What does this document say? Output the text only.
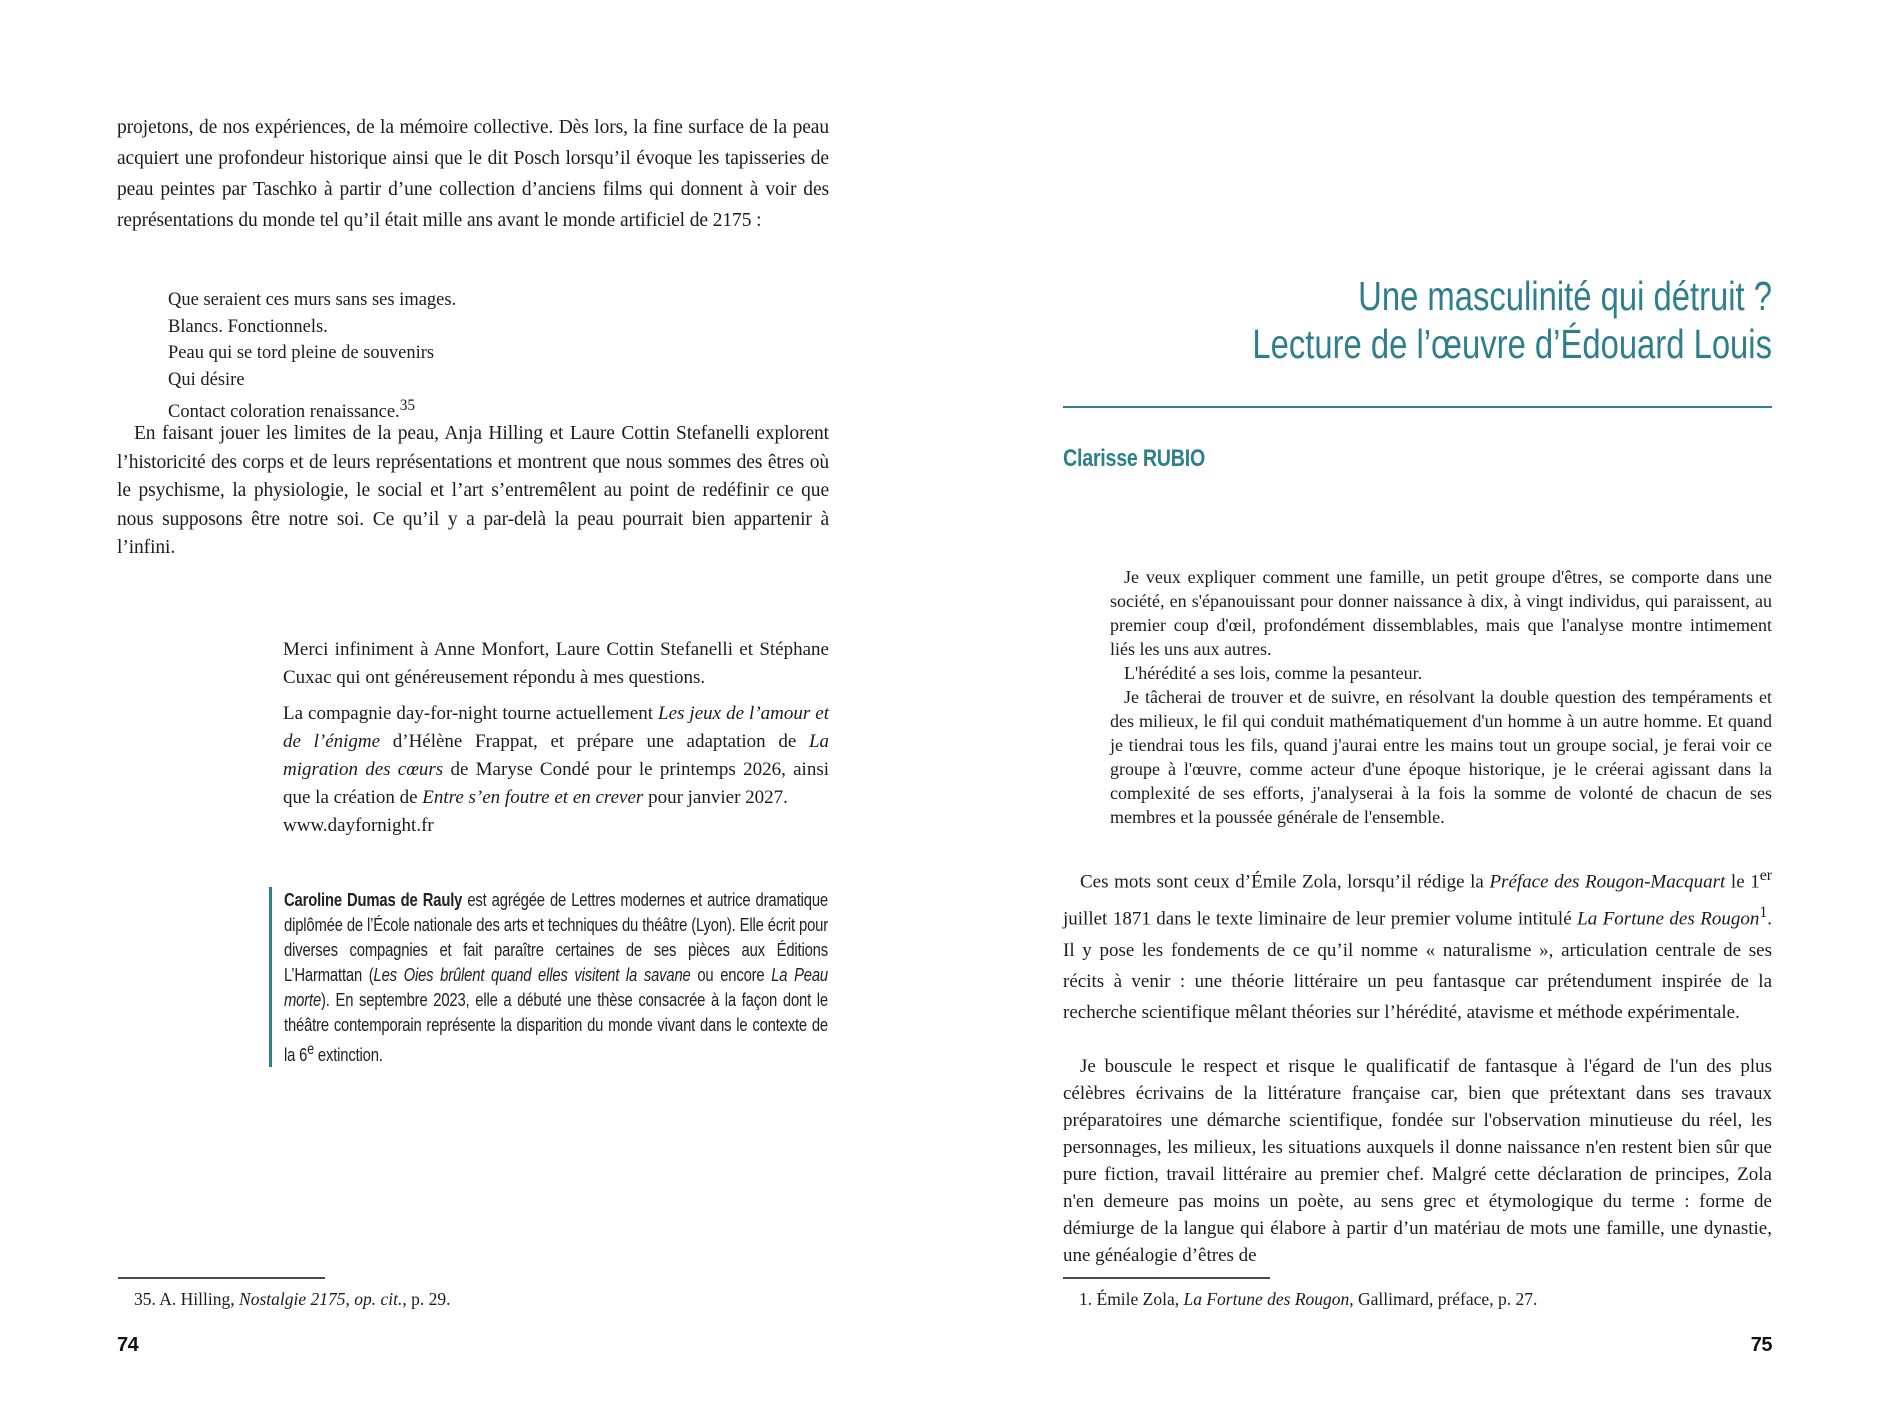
projetons, de nos expériences, de la mémoire collective. Dès lors, la fine surface de la peau acquiert une profondeur historique ainsi que le dit Posch lorsqu’il évoque les tapisseries de peau peintes par Taschko à partir d’une collection d’anciens films qui donnent à voir des représentations du monde tel qu’il était mille ans avant le monde artificiel de 2175 :
Que seraient ces murs sans ses images.
Blancs. Fonctionnels.
Peau qui se tord pleine de souvenirs
Qui désire
Contact coloration renaissance.$^{35}$
En faisant jouer les limites de la peau, Anja Hilling et Laure Cottin Stefanelli explorent l’historicité des corps et de leurs représentations et montrent que nous sommes des êtres où le psychisme, la physiologie, le social et l’art s’entremêlent au point de redéfinir ce que nous supposons être notre soi. Ce qu’il y a par-delà la peau pourrait bien appartenir à l’infini.
Merci infiniment à Anne Monfort, Laure Cottin Stefanelli et Stéphane Cuxac qui ont généreusement répondu à mes questions.
La compagnie day-for-night tourne actuellement Les jeux de l’amour et de l’énigme d’Hélène Frappat, et prépare une adaptation de La migration des cœurs de Maryse Condé pour le printemps 2026, ainsi que la création de Entre s’en foutre et en crever pour janvier 2027.
www.dayfornight.fr
Caroline Dumas de Rauly est agrégée de Lettres modernes et autrice dramatique diplômée de l’École nationale des arts et techniques du théâtre (Lyon). Elle écrit pour diverses compagnies et fait paraître certaines de ses pièces aux Éditions L’Harmattan (Les Oies brûlent quand elles visitent la savane ou encore La Peau morte). En septembre 2023, elle a débuté une thèse consacrée à la façon dont le théâtre contemporain représente la disparition du monde vivant dans le contexte de la 6e extinction.
35. A. Hilling, Nostalgie 2175, op. cit., p. 29.
74
Une masculinité qui détruit ?
Lecture de l’œuvre d’Édouard Louis
Clarisse RUBIO

Je veux expliquer comment une famille, un petit groupe d'êtres, se comporte dans une société, en s'épanouissant pour donner naissance à dix, à vingt individus, qui paraissent, au premier coup d'œil, profondément dissemblables, mais que l'analyse montre intimement liés les uns aux autres.

L'hérédité a ses lois, comme la pesanteur.

Je tâcherai de trouver et de suivre, en résolvant la double question des tempéraments et des milieux, le fil qui conduit mathématiquement d'un homme à un autre homme. Et quand je tiendrai tous les fils, quand j'aurai entre les mains tout un groupe social, je ferai voir ce groupe à l'œuvre, comme acteur d'une époque historique, je le créerai agissant dans la complexité de ses efforts, j'analyserai à la fois la somme de volonté de chacun de ses membres et la poussée générale de l'ensemble.

Ces mots sont ceux d’Émile Zola, lorsqu’il rédige la Préface des Rougon-Macquart le 1er juillet 1871 dans le texte liminaire de leur premier volume intitulé La Fortune des Rougon$^1$. Il y pose les fondements de ce qu’il nomme « naturalisme », articulation centrale de ses récits à venir : une théorie littéraire un peu fantasque car prétendument inspirée de la recherche scientifique mêlant théories sur l’hérédité, atavisme et méthode expérimentale.
Je bouscule le respect et risque le qualificatif de fantasque à l'égard de l'un des plus célèbres écrivains de la littérature française car, bien que prétextant dans ses travaux préparatoires une démarche scientifique, fondée sur l'observation minutieuse du réel, les personnages, les milieux, les situations auxquels il donne naissance n'en restent bien sûr que pure fiction, travail littéraire au premier chef. Malgré cette déclaration de principes, Zola n'en demeure pas moins un poète, au sens grec et étymologique du terme : forme de démiurge de la langue qui élabore à partir d’un matériau de mots une famille, une dynastie, une généalogie d’êtres de
1. Émile Zola, La Fortune des Rougon, Gallimard, préface, p. 27.
75
